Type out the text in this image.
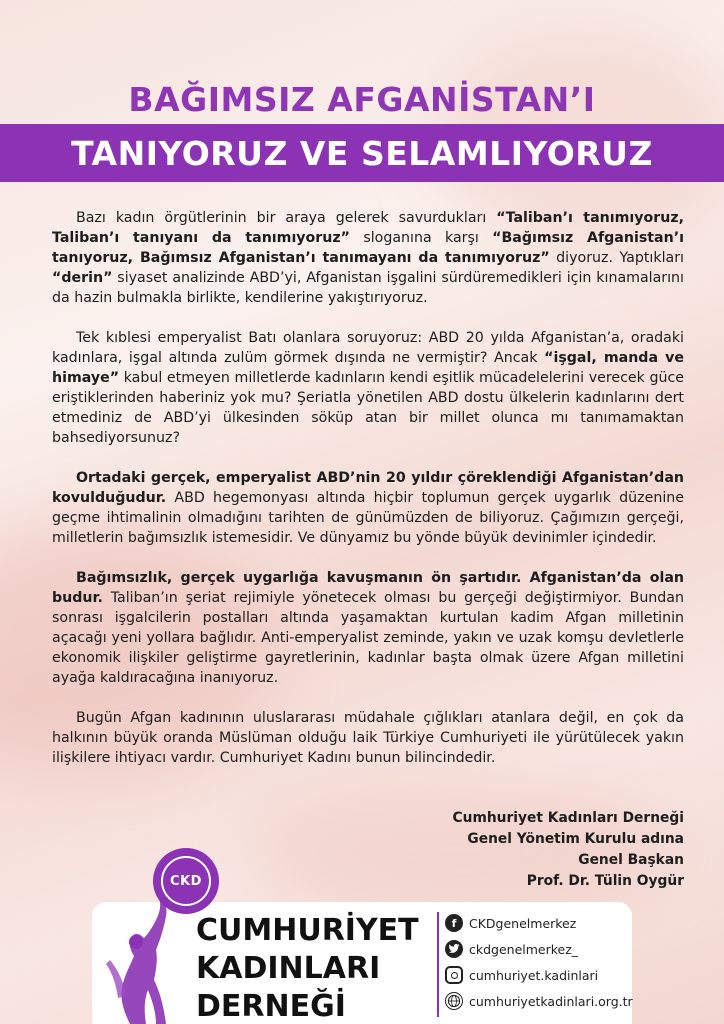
BAĞIMSIZ AFGANİSTAN’I
TANIYORUZ VE SELAMLIYORUZ

Bazı kadın örgütlerinin bir araya gelerek savurdukları “Taliban’ı tanımıyoruz, Taliban’ı tanıyanı da tanımıyoruz” sloganına karşı “Bağımsız Afganistan’ı tanıyoruz, Bağımsız Afganistan’ı tanımayanı da tanımıyoruz” diyoruz. Yaptıkları “derin” siyaset analizinde ABD’yi, Afganistan işgalini sürdüremedikleri için kınamalarını da hazin bulmakla birlikte, kendilerine yakıştırıyoruz.

Tek kıblesi emperyalist Batı olanlara soruyoruz: ABD 20 yılda Afganistan’a, oradaki kadınlara, işgal altında zulüm görmek dışında ne vermiştir? Ancak “işgal, manda ve himaye” kabul etmeyen milletlerde kadınların kendi eşitlik mücadelelerini verecek güce eriştiklerinden haberiniz yok mu? Şeriatla yönetilen ABD dostu ülkelerin kadınlarını dert etmediniz de ABD’yi ülkesinden söküp atan bir millet olunca mı tanımamaktan bahsediyorsunuz?

Ortadaki gerçek, emperyalist ABD’nin 20 yıldır çöreklendiği Afganistan’dan kovulduğudur. ABD hegemonyası altında hiçbir toplumun gerçek uygarlık düzenine geçme ihtimalinin olmadığını tarihten de günümüzden de biliyoruz. Çağımızın gerçeği, milletlerin bağımsızlık istemesidir. Ve dünyamız bu yönde büyük devinimler içindedir.

Bağımsızlık, gerçek uygarlığa kavuşmanın ön şartıdır. Afganistan’da olan budur. Taliban’ın şeriat rejimiyle yönetecek olması bu gerçeği değiştirmiyor. Bundan sonrası işgalcilerin postalları altında yaşamaktan kurtulan kadim Afgan milletinin açacağı yeni yollara bağlıdır. Anti-emperyalist zeminde, yakın ve uzak komşu devletlerle ekonomik ilişkiler geliştirme gayretlerinin, kadınlar başta olmak üzere Afgan milletini ayağa kaldıracağına inanıyoruz.

Bugün Afgan kadınının uluslararası müdahale çığlıkları atanlara değil, en çok da halkının büyük oranda Müslüman olduğu laik Türkiye Cumhuriyeti ile yürütülecek yakın ilişkilere ihtiyacı vardır. Cumhuriyet Kadını bunun bilincindedir.

Cumhuriyet Kadınları Derneği
Genel Yönetim Kurulu adına
Genel Başkan
Prof. Dr. Tülin Oygür
CKD
CUMHURİYET
KADINLARI
DERNEĞİ
f	CKDgenelmerkez
ckdgenelmerkez_
cumhuriyet.kadinlari
cumhuriyetkadinlari.org.tr
